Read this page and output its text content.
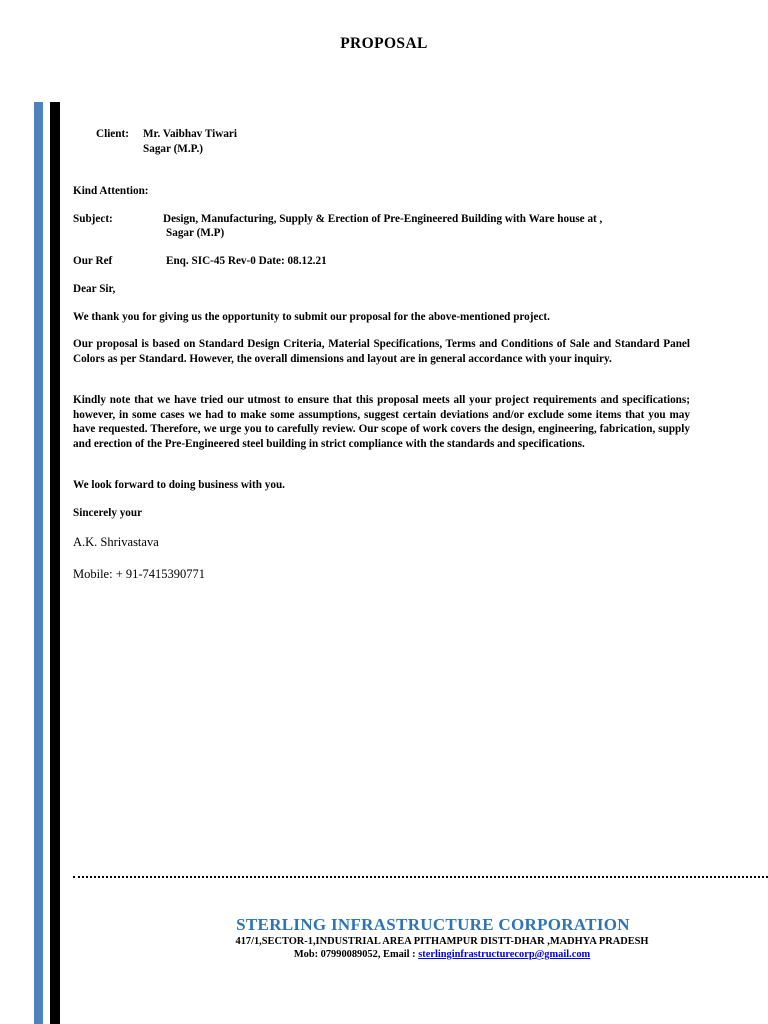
PROPOSAL
Client: Mr. Vaibhav Tiwari
Sagar (M.P.)
Kind Attention:
Subject:	Design, Manufacturing, Supply & Erection of Pre-Engineered Building with Ware house at ,
Sagar (M.P)
Our Ref	Enq. SIC-45 Rev-0 Date: 08.12.21
Dear Sir,
We thank you for giving us the opportunity to submit our proposal for the above-mentioned project.
Our proposal is based on Standard Design Criteria, Material Specifications, Terms and Conditions of Sale and Standard Panel Colors as per Standard. However, the overall dimensions and layout are in general accordance with your inquiry.
Kindly note that we have tried our utmost to ensure that this proposal meets all your project requirements and specifications; however, in some cases we had to make some assumptions, suggest certain deviations and/or exclude some items that you may have requested. Therefore, we urge you to carefully review. Our scope of work covers the design, engineering, fabrication, supply and erection of the Pre-Engineered steel building in strict compliance with the standards and specifications.
We look forward to doing business with you.
Sincerely your
A.K. Shrivastava
Mobile: + 91-7415390771
STERLING INFRASTRUCTURE CORPORATION
417/1,SECTOR-1,INDUSTRIAL AREA PITHAMPUR DISTT-DHAR ,MADHYA PRADESH
Mob: 07990089052, Email : sterlinginfrastructurecorp@gmail.com
